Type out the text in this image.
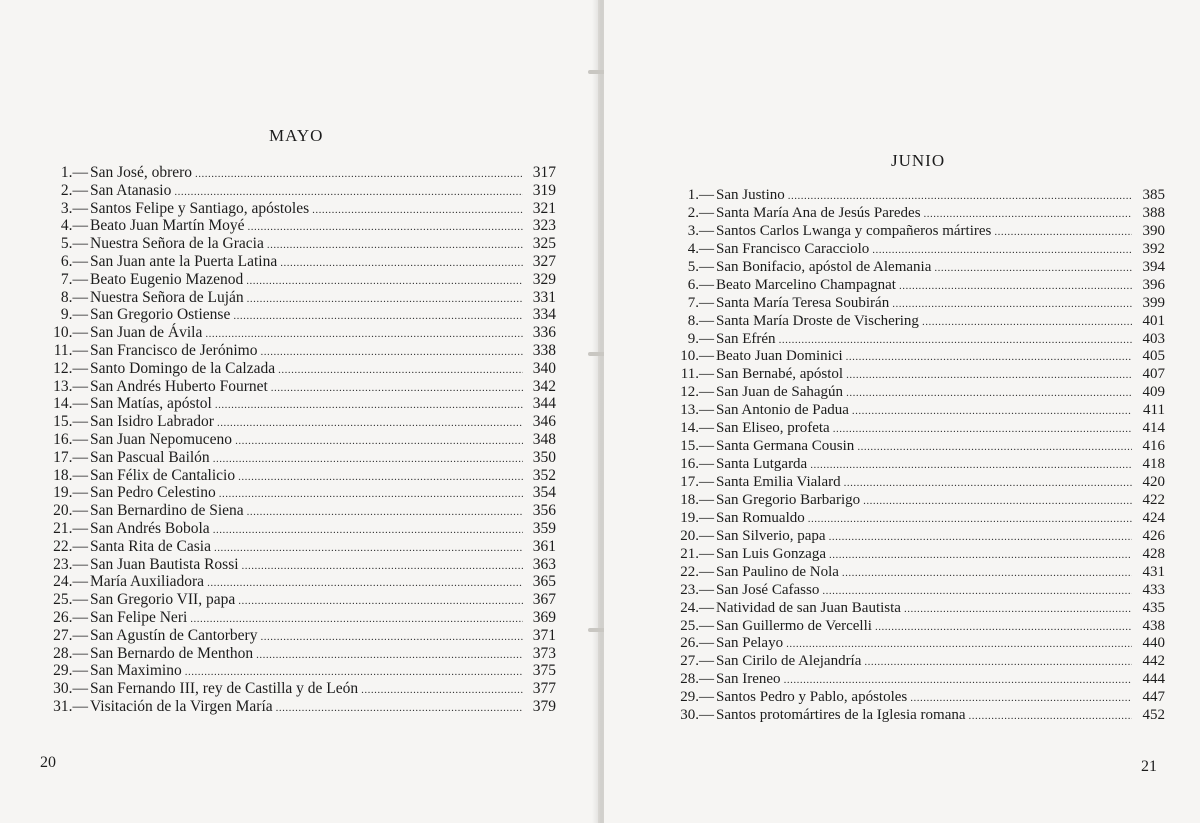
MAYO
1.— San José, obrero .....	317
2.— San Atanasio .....	319
3.— Santos Felipe y Santiago, apóstoles .....	321
4.— Beato Juan Martín Moyé .....	323
5.— Nuestra Señora de la Gracia .....	325
6.— San Juan ante la Puerta Latina .....	327
7.— Beato Eugenio Mazenod .....	329
8.— Nuestra Señora de Luján .....	331
9.— San Gregorio Ostiense .....	334
10.— San Juan de Ávila .....	336
11.— San Francisco de Jerónimo .....	338
12.— Santo Domingo de la Calzada .....	340
13.— San Andrés Huberto Fournet .....	342
14.— San Matías, apóstol .....	344
15.— San Isidro Labrador .....	346
16.— San Juan Nepomuceno .....	348
17.— San Pascual Bailón .....	350
18.— San Félix de Cantalicio .....	352
19.— San Pedro Celestino .....	354
20.— San Bernardino de Siena .....	356
21.— San Andrés Bobola .....	359
22.— Santa Rita de Casia .....	361
23.— San Juan Bautista Rossi .....	363
24.— María Auxiliadora .....	365
25.— San Gregorio VII, papa .....	367
26.— San Felipe Neri .....	369
27.— San Agustín de Cantorbery .....	371
28.— San Bernardo de Menthon .....	373
29.— San Maximino .....	375
30.— San Fernando III, rey de Castilla y de León .....	377
31.— Visitación de la Virgen María .....	379

20

JUNIO
1.— San Justino .....	385
2.— Santa María Ana de Jesús Paredes .....	388
3.— Santos Carlos Lwanga y compañeros mártires .....	390
4.— San Francisco Caracciolo .....	392
5.— San Bonifacio, apóstol de Alemania .....	394
6.— Beato Marcelino Champagnat .....	396
7.— Santa María Teresa Soubirán .....	399
8.— Santa María Droste de Vischering .....	401
9.— San Efrén .....	403
10.— Beato Juan Dominici .....	405
11.— San Bernabé, apóstol .....	407
12.— San Juan de Sahagún .....	409
13.— San Antonio de Padua .....	411
14.— San Eliseo, profeta .....	414
15.— Santa Germana Cousin .....	416
16.— Santa Lutgarda .....	418
17.— Santa Emilia Vialard .....	420
18.— San Gregorio Barbarigo .....	422
19.— San Romualdo .....	424
20.— San Silverio, papa .....	426
21.— San Luis Gonzaga .....	428
22.— San Paulino de Nola .....	431
23.— San José Cafasso .....	433
24.— Natividad de san Juan Bautista .....	435
25.— San Guillermo de Vercelli .....	438
26.— San Pelayo .....	440
27.— San Cirilo de Alejandría .....	442
28.— San Ireneo .....	444
29.— Santos Pedro y Pablo, apóstoles .....	447
30.— Santos protomártires de la Iglesia romana .....	452

21
